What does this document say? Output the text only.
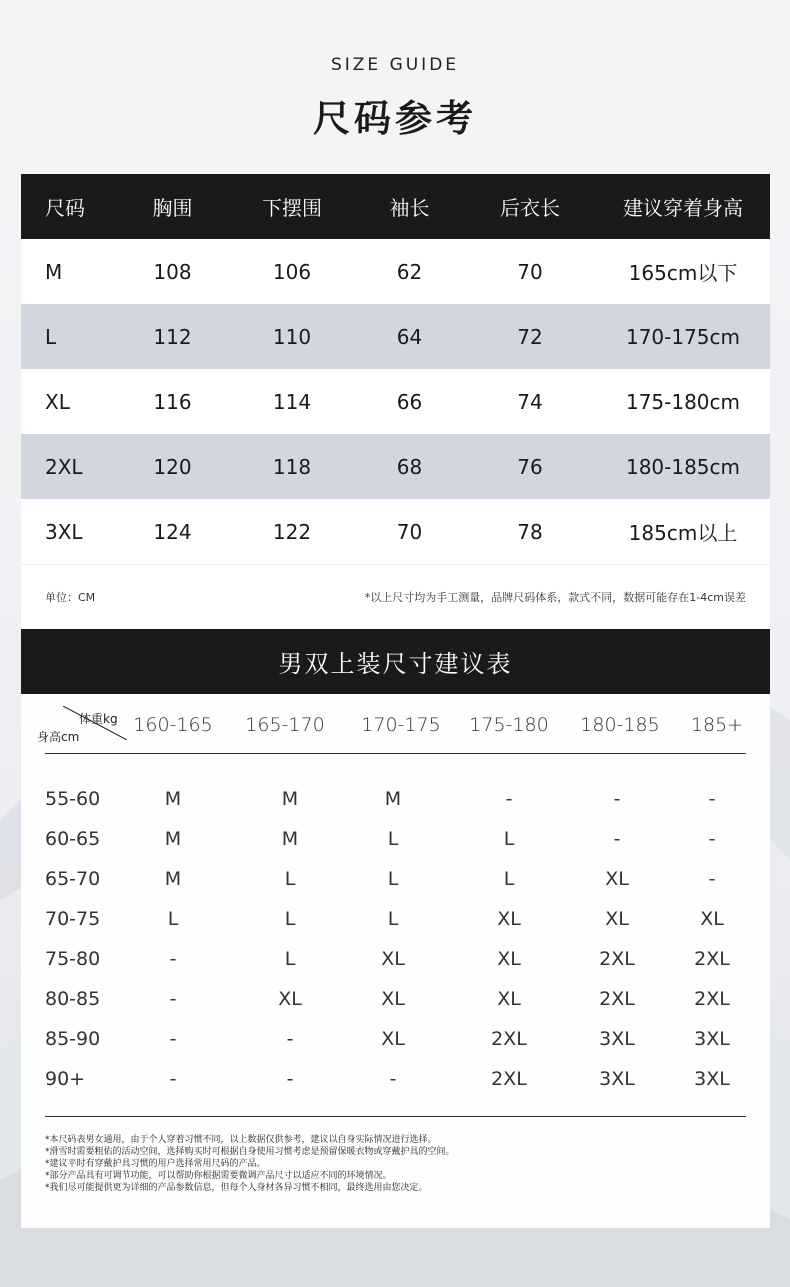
SIZE GUIDE
尺码参考
尺码	胸围	下摆围	袖长	后衣长	建议穿着身高
M	108	106	62	70	165cm以下
L	112	110	64	72	170-175cm
XL	116	114	66	74	175-180cm
2XL	120	118	68	76	180-185cm
3XL	124	122	70	78	185cm以上
单位：CM	*以上尺寸均为手工测量，品牌尺码体系，款式不同，数据可能存在1-4cm误差
男双上装尺寸建议表
体重kg
身高cm
160-165	165-170	170-175	175-180	180-185	185+
55-60	M	M	M	-	-	-
60-65	M	M	L	L	-	-
65-70	M	L	L	L	XL	-
70-75	L	L	L	XL	XL	XL
75-80	-	L	XL	XL	2XL	2XL
80-85	-	XL	XL	XL	2XL	2XL
85-90	-	-	XL	2XL	3XL	3XL
90+	-	-	-	2XL	3XL	3XL
*本尺码表男女通用，由于个人穿着习惯不同，以上数据仅供参考，建议以自身实际情况进行选择。
*滑雪时需要粗佑的活动空间，选择购买时可根据自身使用习惯考虑是预留保暖衣物或穿戴护具的空间。
*建议平时有穿戴护具习惯的用户选择常用尺码的产品。
*部分产品具有可调节功能，可以帮助你根据需要微调产品尺寸以适应不同的环境情况。
*我们尽可能提供更为详细的产品参数信息，但每个人身材各异习惯不相同，最终选用由您决定。
